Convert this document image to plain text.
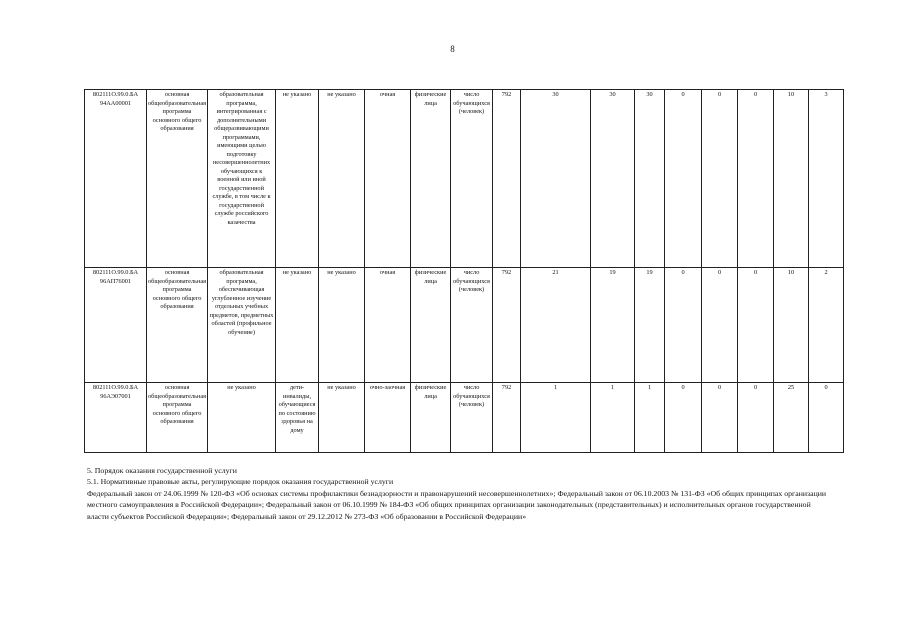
8
802111О.99.0.БА 94АА00001	основная общеобразовательная программа основного общего образования	образовательная программа, интегрированная с дополнительными общеразвивающими программами, имеющими целью подготовку несовершеннолетних обучающихся к военной или иной государственной службе, в том числе к государственной службе российского казачества	не указано	не указано	очная	физические лица	число обучающихся (человек)	792	30	30	30	0	0	0	10	3
802111О.99.0.БА 96АП76001	основная общеобразовательная программа основного общего образования	образовательная программа, обеспечивающая углубленное изучение отдельных учебных предметов, предметных областей (профильное обучение)	не указано	не указано	очная	физические лица	число обучающихся (человек)	792	21	19	19	0	0	0	10	2
802111О.99.0.БА 96АЭ07001	основная общеобразовательная программа основного общего образования	не указано	дети-инвалиды, обучающиеся по состоянию здоровья на дому	не указано	очно-заочная	физические лица	число обучающихся (человек)	792	1	1	1	0	0	0	25	0

5. Порядок оказания государственной услуги

5.1. Нормативные правовые акты, регулирующие порядок оказания государственной услуги

Федеральный закон от 24.06.1999 № 120-ФЗ «Об основах системы профилактики безнадзорности и правонарушений несовершеннолетних»; Федеральный закон от 06.10.2003 № 131-ФЗ «Об общих принципах организации местного самоуправления в Российской Федерации»; Федеральный закон от 06.10.1999 № 184-ФЗ «Об общих принципах организации законодательных (представительных) и исполнительных органов государственной власти субъектов Российской Федерации»; Федеральный закон от 29.12.2012 № 273-ФЗ «Об образовании в Российской Федерации»
